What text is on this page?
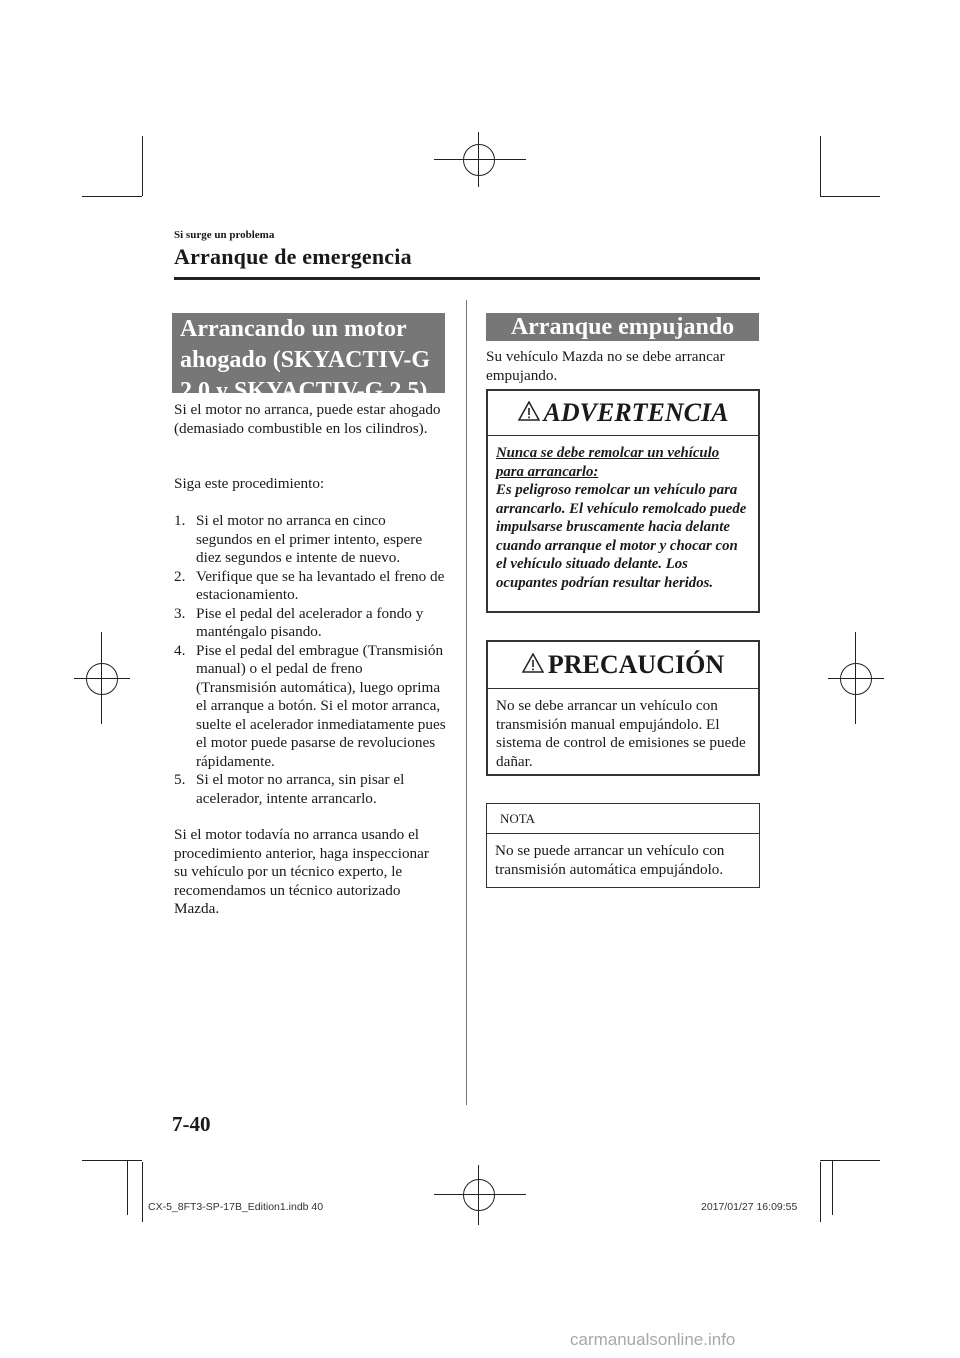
Si surge un problema
Arranque de emergencia
Arrancando un motor ahogado (SKYACTIV-G 2.0 y SKYACTIV-G 2.5)
Si el motor no arranca, puede estar ahogado (demasiado combustible en los cilindros).
Siga este procedimiento:
1. Si el motor no arranca en cinco segundos en el primer intento, espere diez segundos e intente de nuevo.
2. Verifique que se ha levantado el freno de estacionamiento.
3. Pise el pedal del acelerador a fondo y manténgalo pisando.
4. Pise el pedal del embrague (Transmisión manual) o el pedal de freno (Transmisión automática), luego oprima el arranque a botón. Si el motor arranca, suelte el acelerador inmediatamente pues el motor puede pasarse de revoluciones rápidamente.
5. Si el motor no arranca, sin pisar el acelerador, intente arrancarlo.
Si el motor todavía no arranca usando el procedimiento anterior, haga inspeccionar su vehículo por un técnico experto, le recomendamos un técnico autorizado Mazda.
Arranque empujando
Su vehículo Mazda no se debe arrancar empujando.
ADVERTENCIA
Nunca se debe remolcar un vehículo para arrancarlo:
Es peligroso remolcar un vehículo para arrancarlo. El vehículo remolcado puede impulsarse bruscamente hacia delante cuando arranque el motor y chocar con el vehículo situado delante. Los ocupantes podrían resultar heridos.
PRECAUCIÓN
No se debe arrancar un vehículo con transmisión manual empujándolo. El sistema de control de emisiones se puede dañar.
NOTA
No se puede arrancar un vehículo con transmisión automática empujándolo.
7-40
CX-5_8FT3-SP-17B_Edition1.indb 40	2017/01/27 16:09:55
carmanualsonline.info
